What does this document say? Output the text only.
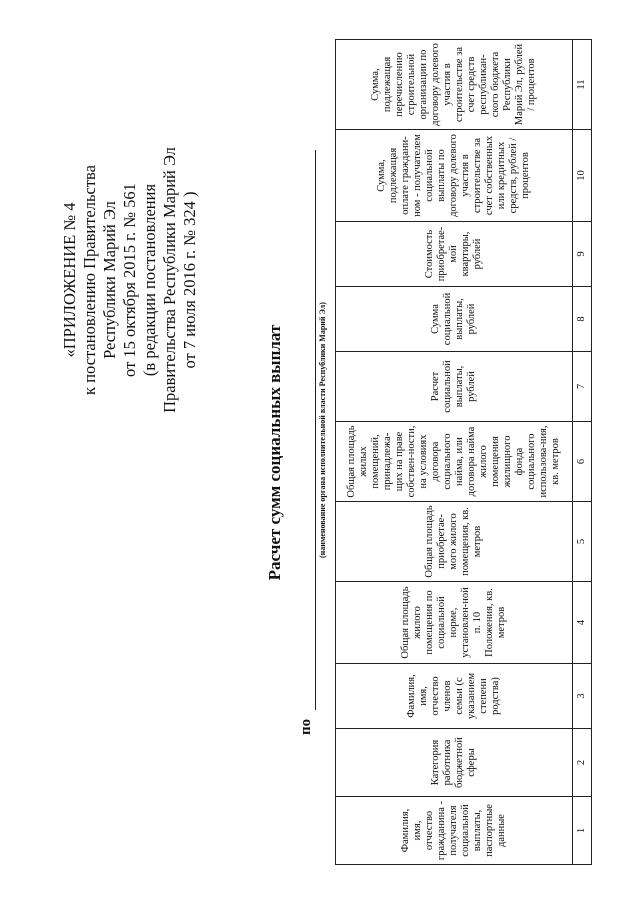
«ПРИЛОЖЕНИЕ № 4 к постановлению Правительства Республики Марий Эл от 15 октября 2015 г. № 561 (в редакции постановления Правительства Республики Марий Эл от 7 июля 2016 г. № 324 )
Расчет сумм социальных выплат
по
(наименование органа исполнительной власти Республики Марий Эл)
Фамилия, имя, отчество гражданина - получателя социальной выплаты, паспортные данные	Категория работника бюджетной сферы	Фамилия, имя, отчество членов семьи (с указанием степени родства)	Общая площадь жилого помещения по социальной норме, установлен-ной п. 10 Положения, кв. метров	Общая площадь приобретае-мого жилого помещения, кв. метров	Общая площадь жилых помещений, принадлежа-щих на праве собствен-ности, на условиях договора социального найма, или договора найма жилого помещения жилищного фонда социального использова-ния, кв. метров	Расчет социальной выплаты, рублей	Сумма социальной выплаты, рублей	Стоимость приобретае-мой квартиры, рублей	Сумма, подлежащая оплате граждани-ном - получателем социальной выплаты по договору долевого участия в строительстве за счет собственных или кредитных средств, рублей / процентов	Сумма, подлежащая перечислению строительной организации по договору долевого участия в строительстве за счет средств республикан-ского бюджета Республики Марий Эл, рублей / процентов
1	2	3	4	5	6	7	8	9	10	11
